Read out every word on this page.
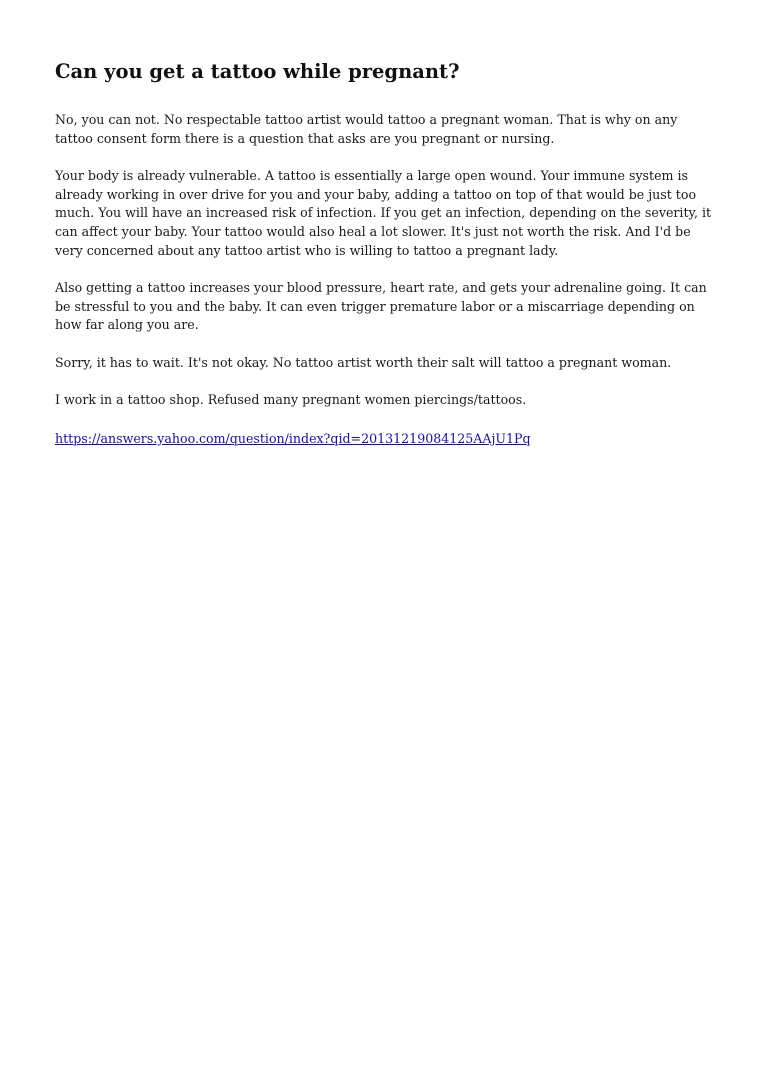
Can you get a tattoo while pregnant?

No, you can not. No respectable tattoo artist would tattoo a pregnant woman. That is why on any tattoo consent form there is a question that asks are you pregnant or nursing.

Your body is already vulnerable. A tattoo is essentially a large open wound. Your immune system is already working in over drive for you and your baby, adding a tattoo on top of that would be just too much. You will have an increased risk of infection. If you get an infection, depending on the severity, it can affect your baby. Your tattoo would also heal a lot slower. It's just not worth the risk. And I'd be very concerned about any tattoo artist who is willing to tattoo a pregnant lady.

Also getting a tattoo increases your blood pressure, heart rate, and gets your adrenaline going. It can be stressful to you and the baby. It can even trigger premature labor or a miscarriage depending on how far along you are.

Sorry, it has to wait. It's not okay. No tattoo artist worth their salt will tattoo a pregnant woman.

I work in a tattoo shop. Refused many pregnant women piercings/tattoos.

https://answers.yahoo.com/question/index?qid=20131219084125AAjU1Pq
